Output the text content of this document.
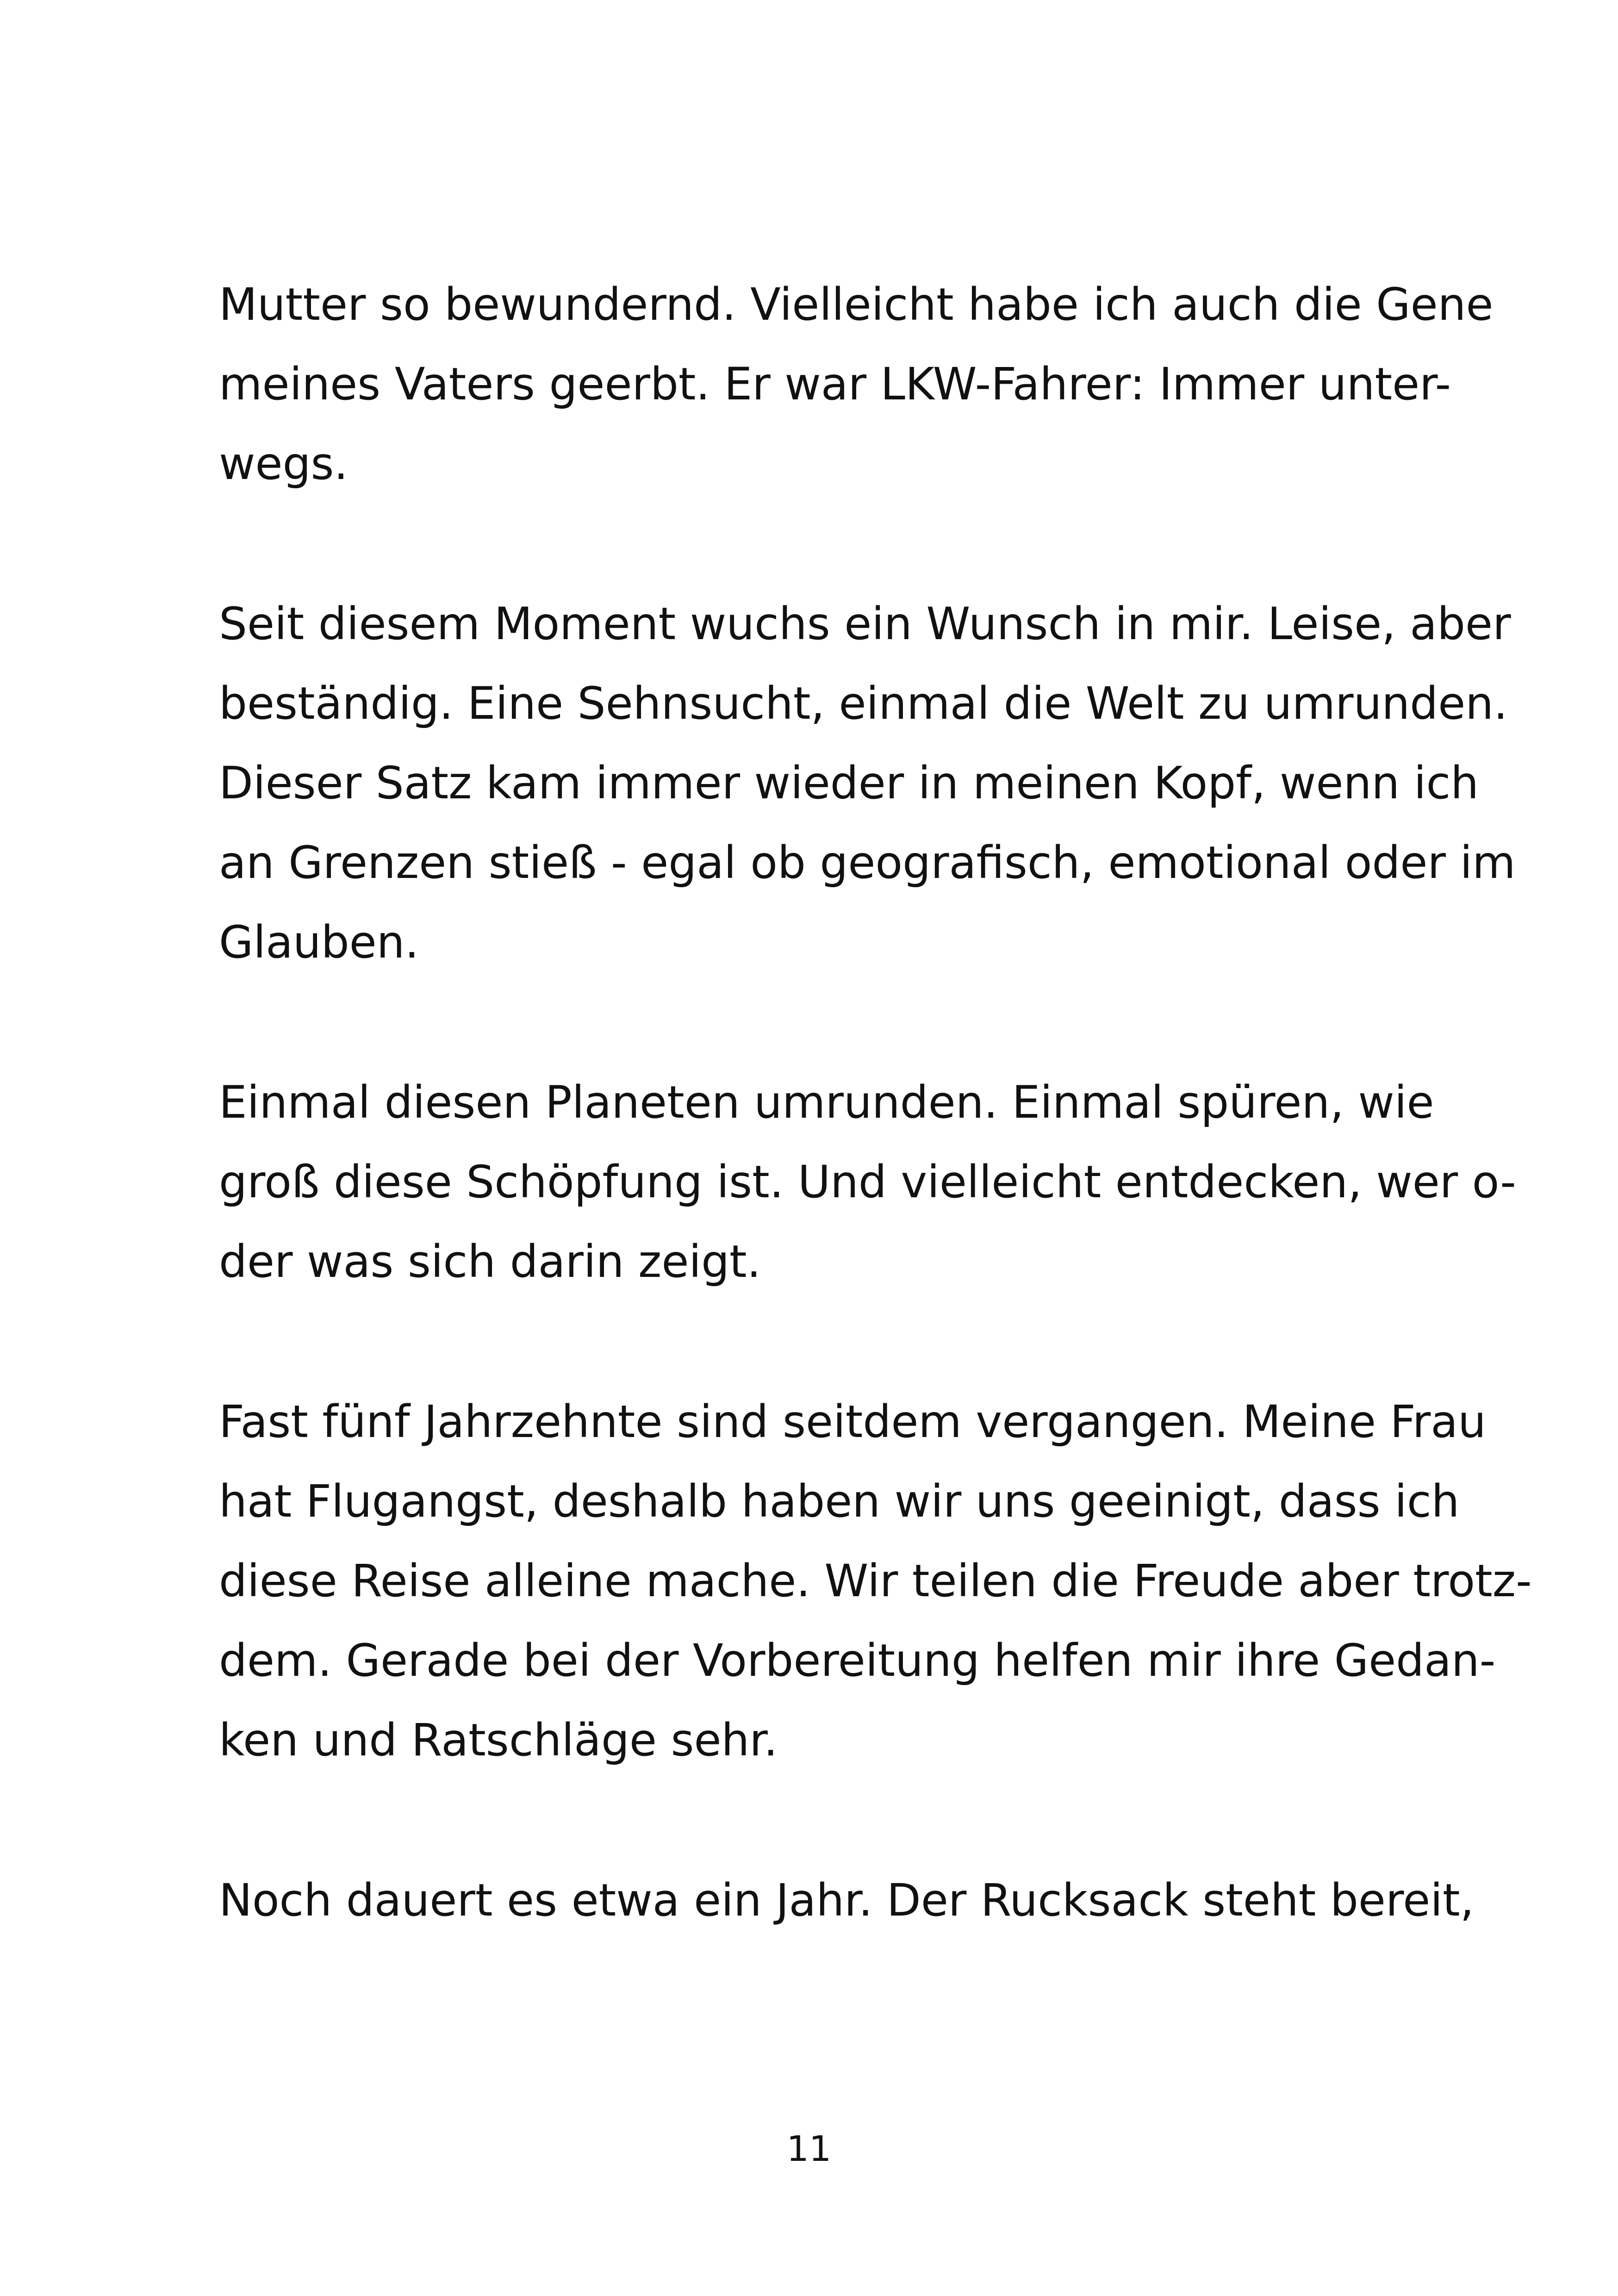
Mutter so bewundernd. Vielleicht habe ich auch die Gene
meines Vaters geerbt. Er war LKW-Fahrer: Immer unter-
wegs.
Seit diesem Moment wuchs ein Wunsch in mir. Leise, aber
beständig. Eine Sehnsucht, einmal die Welt zu umrunden.
Dieser Satz kam immer wieder in meinen Kopf, wenn ich
an Grenzen stieß - egal ob geografisch, emotional oder im
Glauben.
Einmal diesen Planeten umrunden. Einmal spüren, wie
groß diese Schöpfung ist. Und vielleicht entdecken, wer o-
der was sich darin zeigt.
Fast fünf Jahrzehnte sind seitdem vergangen. Meine Frau
hat Flugangst, deshalb haben wir uns geeinigt, dass ich
diese Reise alleine mache. Wir teilen die Freude aber trotz-
dem. Gerade bei der Vorbereitung helfen mir ihre Gedan-
ken und Ratschläge sehr.
Noch dauert es etwa ein Jahr. Der Rucksack steht bereit,
11
